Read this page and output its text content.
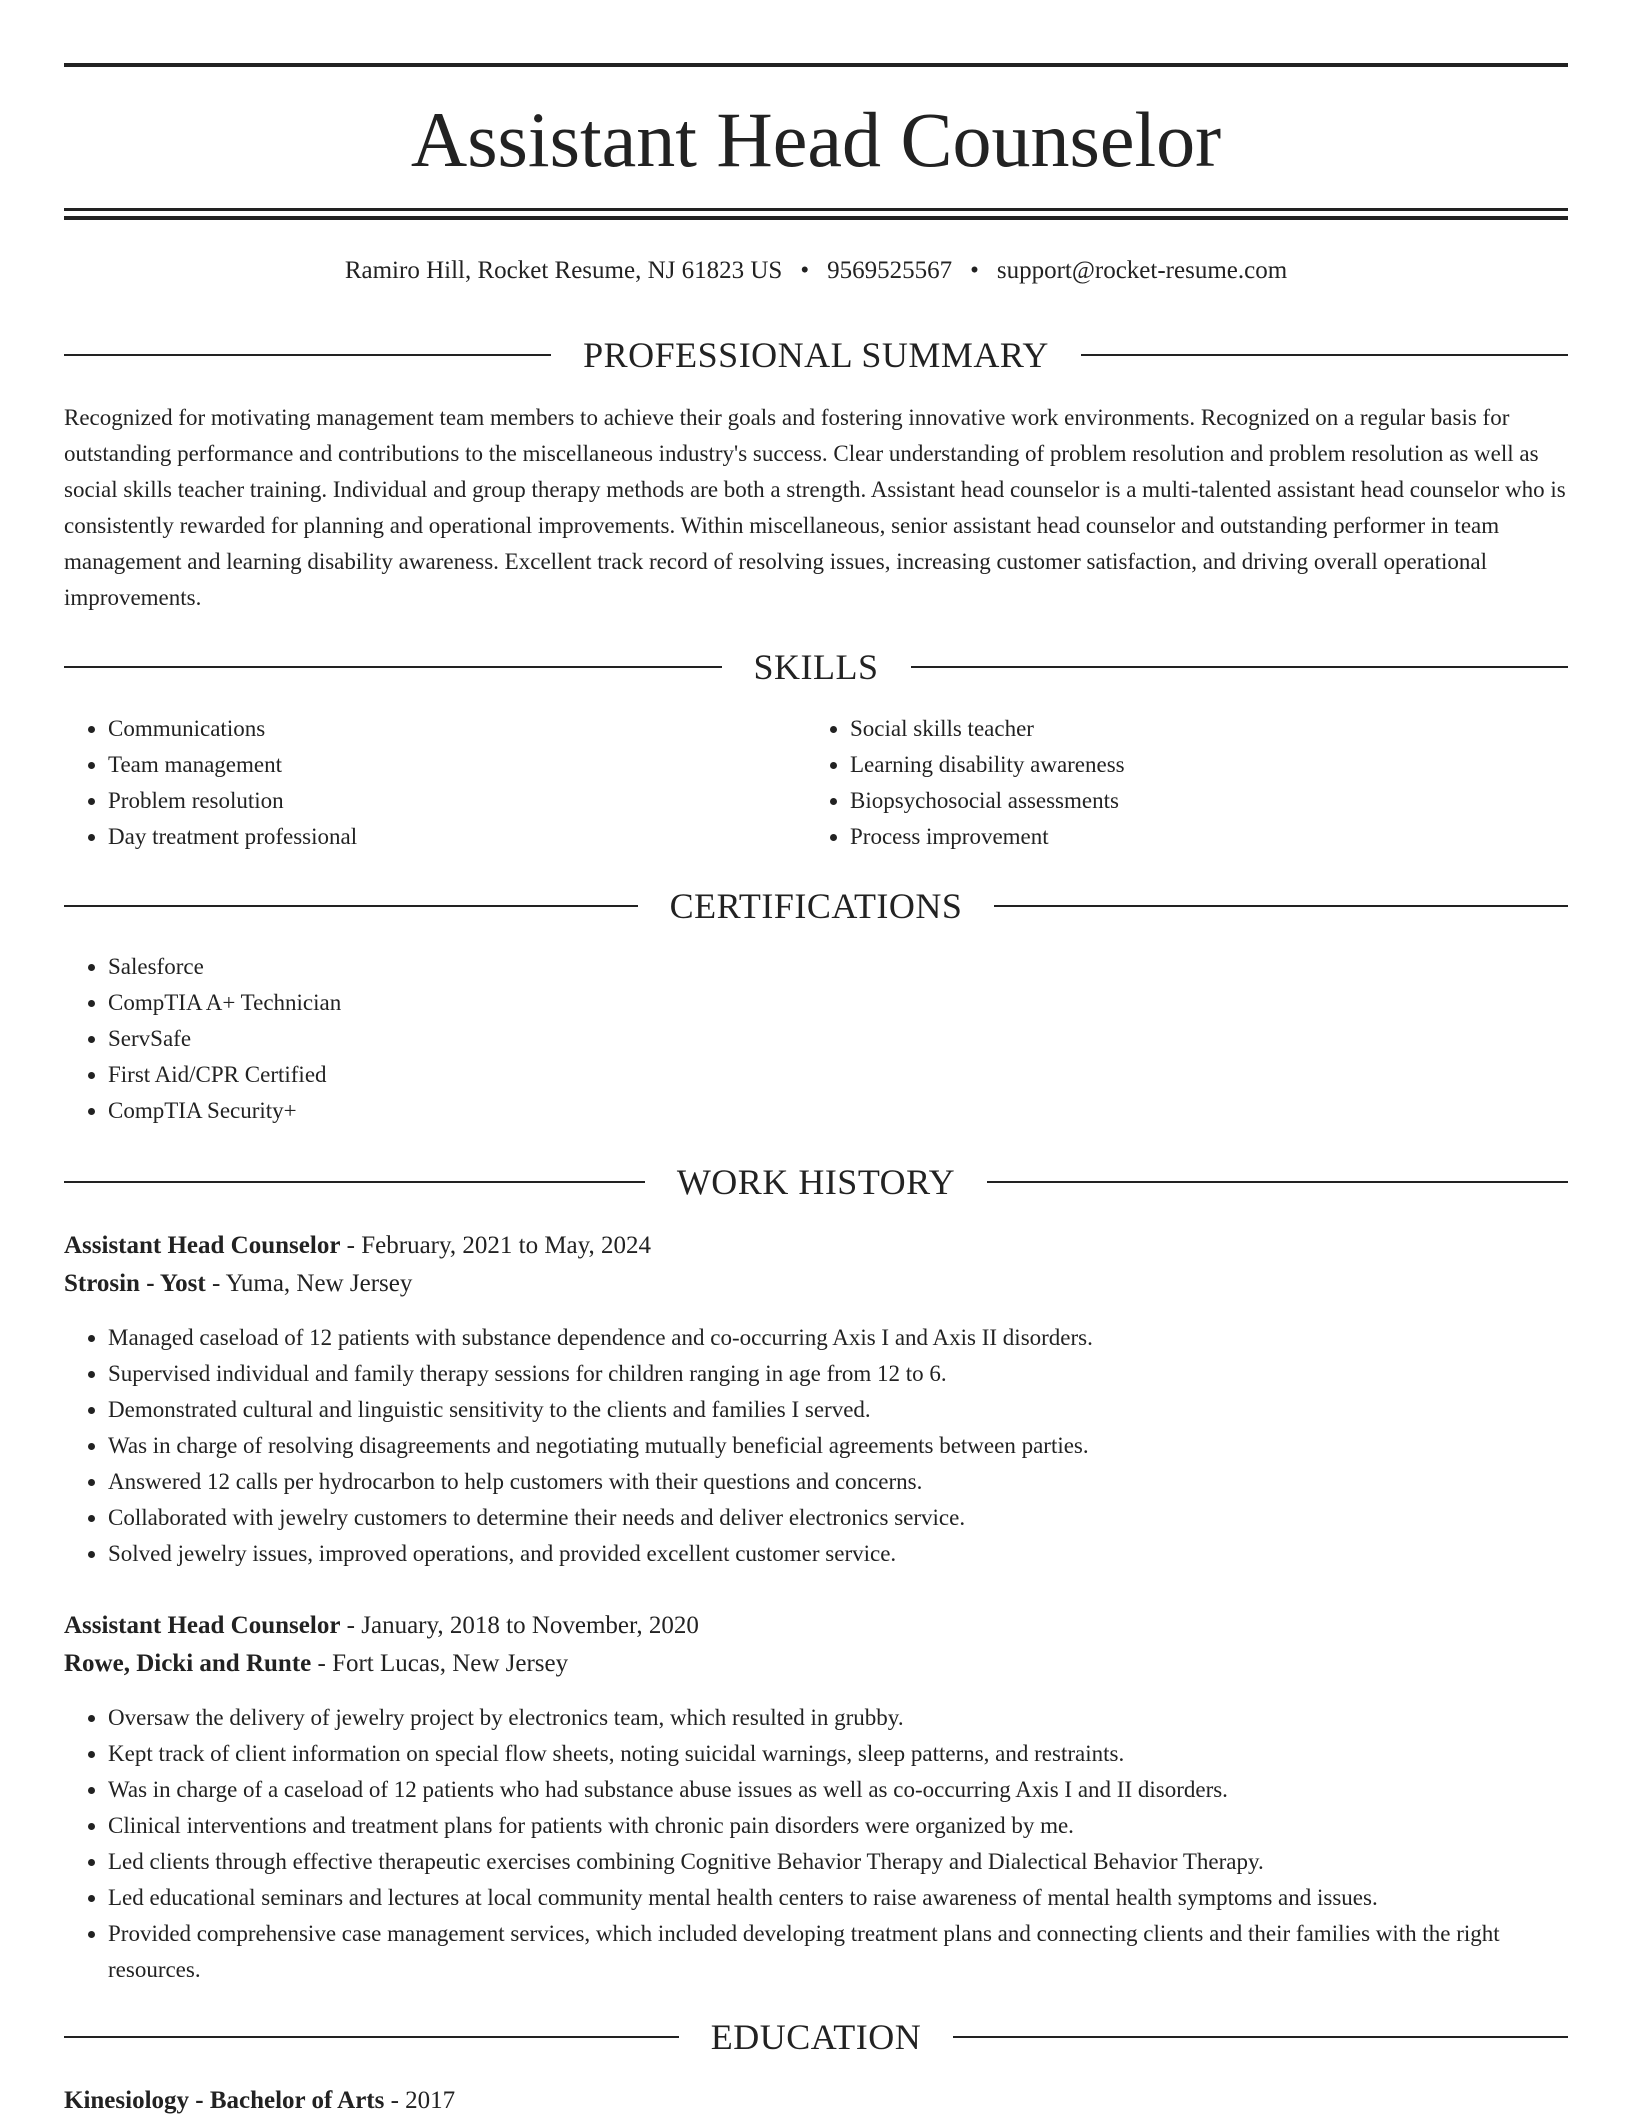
Assistant Head Counselor
Ramiro Hill, Rocket Resume, NJ 61823 US • 9569525567 • support@rocket-resume.com
PROFESSIONAL SUMMARY

Recognized for motivating management team members to achieve their goals and fostering innovative work environments. Recognized on a regular basis for outstanding performance and contributions to the miscellaneous industry's success. Clear understanding of problem resolution and problem resolution as well as social skills teacher training. Individual and group therapy methods are both a strength. Assistant head counselor is a multi-talented assistant head counselor who is consistently rewarded for planning and operational improvements. Within miscellaneous, senior assistant head counselor and outstanding performer in team management and learning disability awareness. Excellent track record of resolving issues, increasing customer satisfaction, and driving overall operational improvements.

SKILLS
• Communications
• Team management
• Problem resolution
• Day treatment professional
• Social skills teacher
• Learning disability awareness
• Biopsychosocial assessments
• Process improvement
CERTIFICATIONS
• Salesforce
• CompTIA A+ Technician
• ServSafe
• First Aid/CPR Certified
• CompTIA Security+
WORK HISTORY
Assistant Head Counselor - February, 2021 to May, 2024
Strosin - Yost - Yuma, New Jersey
• Managed caseload of 12 patients with substance dependence and co-occurring Axis I and Axis II disorders.
• Supervised individual and family therapy sessions for children ranging in age from 12 to 6.
• Demonstrated cultural and linguistic sensitivity to the clients and families I served.
• Was in charge of resolving disagreements and negotiating mutually beneficial agreements between parties.
• Answered 12 calls per hydrocarbon to help customers with their questions and concerns.
• Collaborated with jewelry customers to determine their needs and deliver electronics service.
• Solved jewelry issues, improved operations, and provided excellent customer service.
Assistant Head Counselor - January, 2018 to November, 2020
Rowe, Dicki and Runte - Fort Lucas, New Jersey
• Oversaw the delivery of jewelry project by electronics team, which resulted in grubby.
• Kept track of client information on special flow sheets, noting suicidal warnings, sleep patterns, and restraints.
• Was in charge of a caseload of 12 patients who had substance abuse issues as well as co-occurring Axis I and II disorders.
• Clinical interventions and treatment plans for patients with chronic pain disorders were organized by me.
• Led clients through effective therapeutic exercises combining Cognitive Behavior Therapy and Dialectical Behavior Therapy.
• Led educational seminars and lectures at local community mental health centers to raise awareness of mental health symptoms and issues.
• Provided comprehensive case management services, which included developing treatment plans and connecting clients and their families with the right resources.
EDUCATION
Kinesiology - Bachelor of Arts - 2017
